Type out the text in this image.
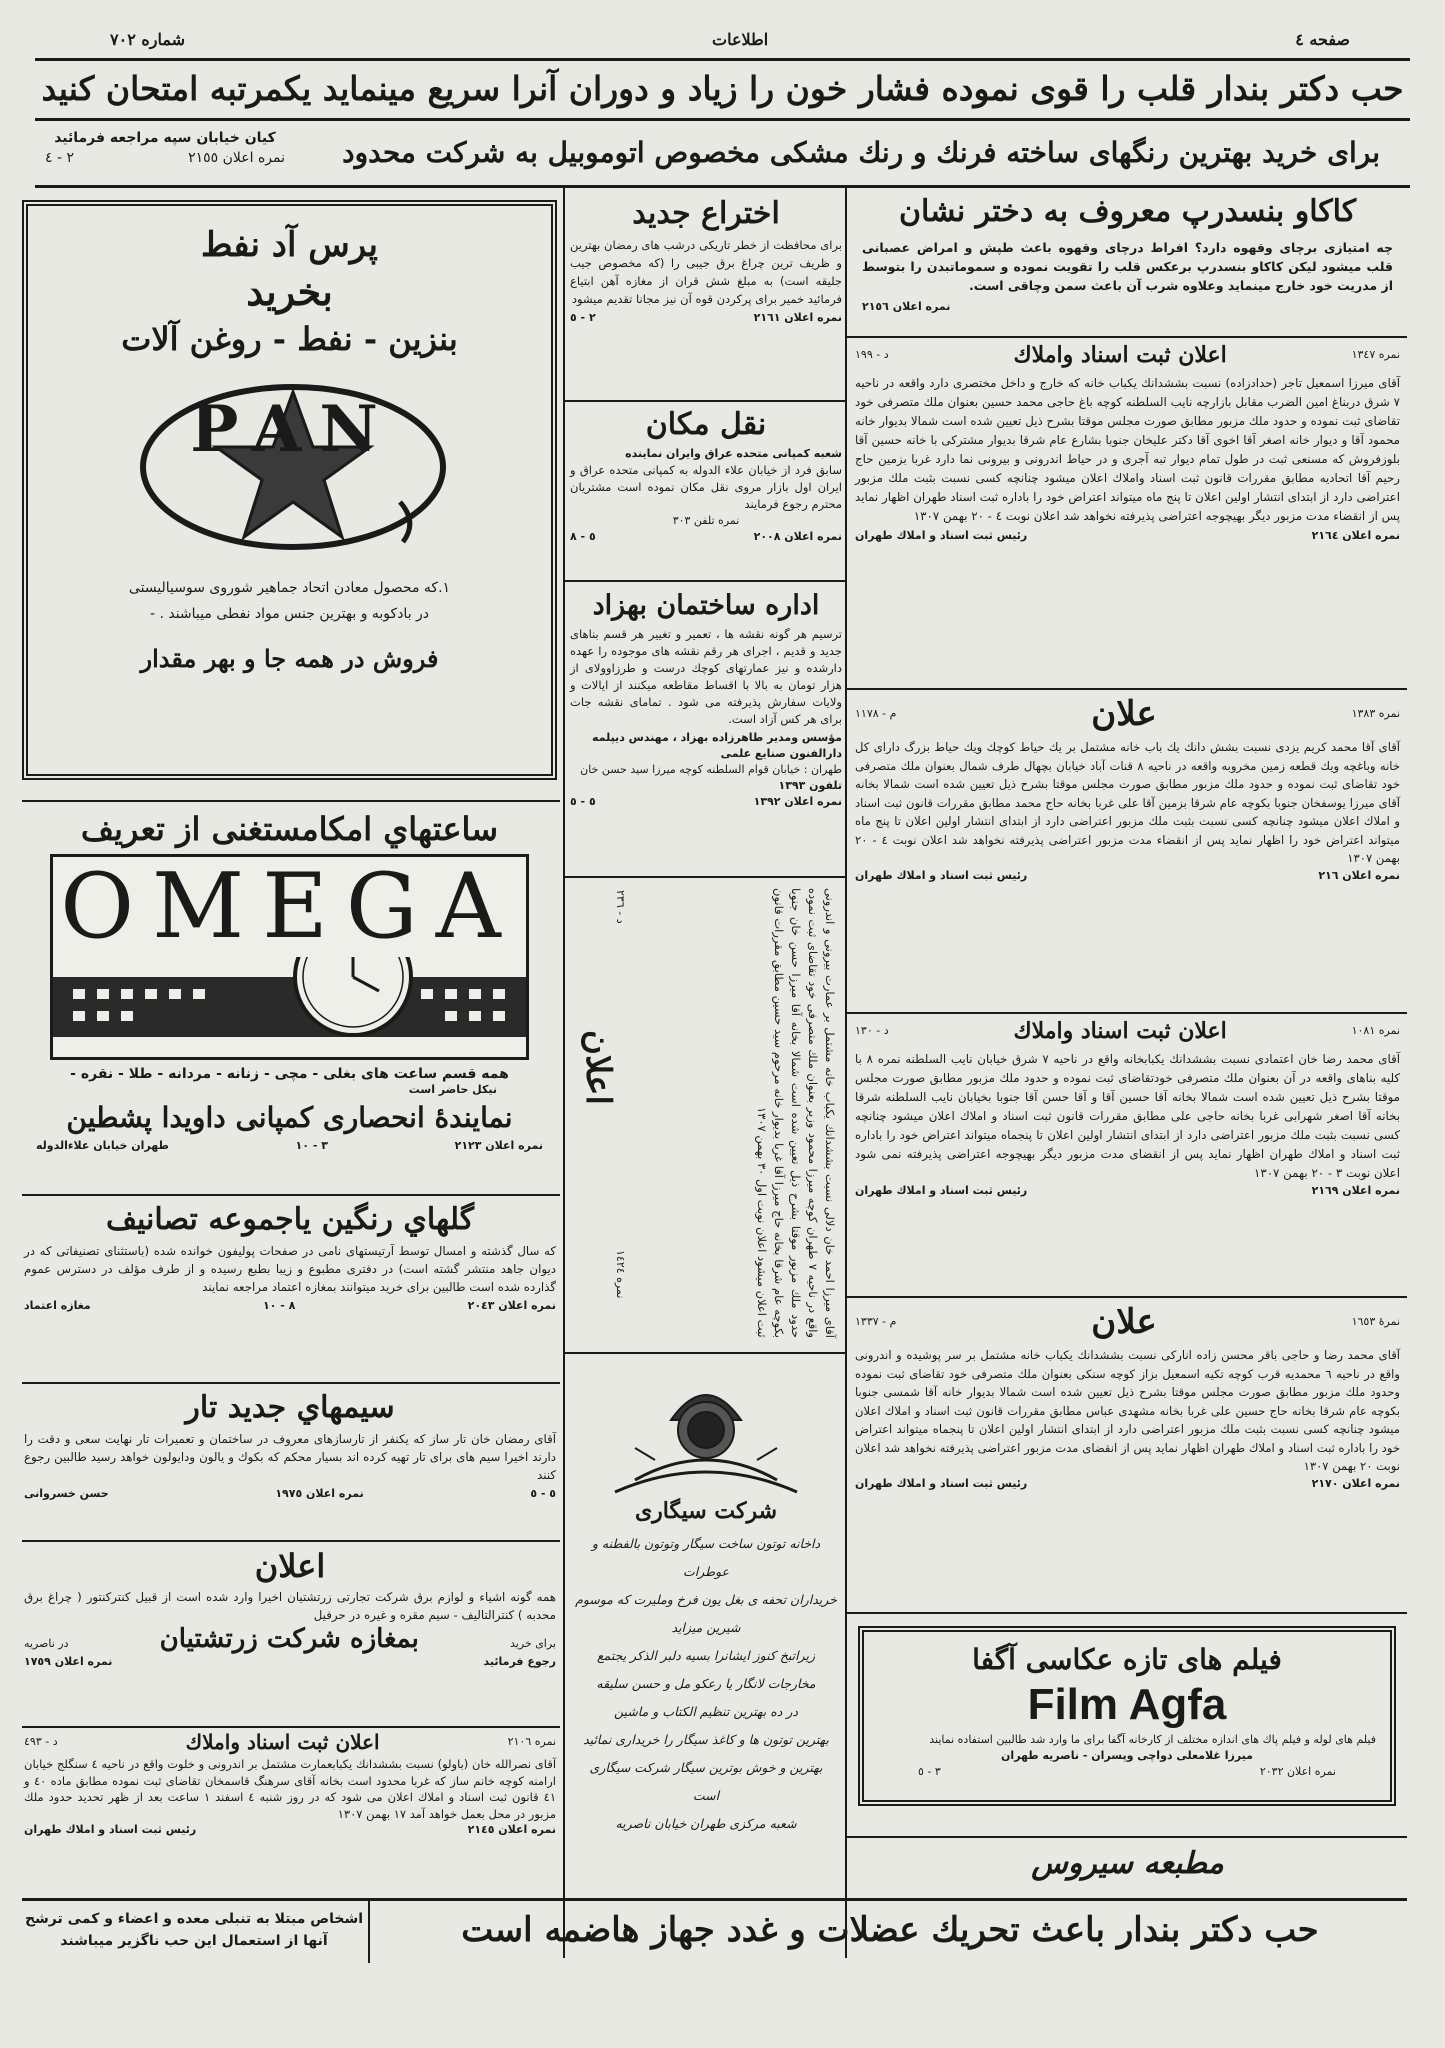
صفحه ٤
اطلاعات
شماره ٧٠٢
حب دكتر بندار قلب را قوى نموده فشار خون را زياد و دوران آنرا سريع مينمايد يكمرتبه امتحان كنيد
براى خريد بهترين رنگهاى ساخته فرنك و رنك مشكى مخصوص اتوموبيل به شركت محدود
كيان خيابان سپه مراجعه فرمائيد
نمره اعلان ٢١٥٥
٢ - ٤
كاكاو بنسدرپ معروف به دختر نشان
چه امتيازى برچاى وقهوه دارد؟ افراط درچاى وقهوه باعث طپش و امراض عصبانى قلب ميشود ليكن كاكاو بنسدرپ برعكس قلب را تقويت نموده و سموماتبدن را بتوسط از مدريت خود خارج مينمايد وعلاوه شرب آن باعث سمن وچاقى است.
نمره اعلان ٢١٥٦
نمره ١٣٤٧
اعلان ثبت اسناد واملاك
د - ١٩٩
آقاى ميرزا اسمعيل تاجر (حدادزاده) نسبت بششدانك يكباب خانه كه خارج و داخل مختصرى دارد واقعه در ناحيه ٧ شرق دربناغ امين الضرب مقابل بازارچه نايب السلطنه كوچه باغ حاجى محمد حسين بعنوان ملك متصرفى خود تقاضاى ثبت نموده و حدود ملك مزبور مطابق صورت مجلس موقتا بشرح ذيل تعيين شده است شمالا بديوار خانه محمود آقا و ديوار خانه اصغر آقا اخوى آقا دكتر عليخان جنوبا بشارع عام شرقا بديوار مشتركى با خانه حسين آقا بلوزفروش كه مسنعى ثبت در طول تمام ديوار تبه آجرى و در حياط اندرونى و بيرونى نما دارد غربا بزمين حاج رحيم آقا اتحاديه مطابق مقررات قانون ثبت اسناد واملاك اعلان ميشود چنانچه كسى نسبت بثبت ملك مزبور اعتراضى دارد از ابتداى انتشار اولين اعلان تا پنج ماه ميتواند اعتراض خود را باداره ثبت اسناد طهران اظهار نمايد پس از انقضاء مدت مزبور ديگر بهيچوجه اعتراضى پذيرفته نخواهد شد اعلان نوبت ٤ - ٢٠ بهمن ١٣٠٧
نمره اعلان ٢١٦٤
رئيس ثبت اسناد و املاك طهران
نمره ١٣٨٣
علان
م - ١١٧٨
آقاى آقا محمد كريم يزدى نسبت بشش دانك يك باب خانه مشتمل بر يك حياط كوچك ويك حياط بزرگ دارای كل خانه وباغچه ويك قطعه زمين مخروبه واقعه در ناحيه ٨ قنات آباد خيابان بچهال طرف شمال بعنوان ملك متصرفى خود تقاضاى ثبت نموده و حدود ملك مزبور مطابق صورت مجلس موقتا بشرح ذيل تعيين شده است شمالا بخانه آقاى ميرزا يوسفخان جنوبا بكوچه عام شرقا بزمين آقا على غربا بخانه حاج محمد مطابق مقررات قانون ثبت اسناد و املاك اعلان ميشود چنانچه كسى نسبت بثبت ملك مزبور اعتراضى دارد از ابتداى انتشار اولين اعلان تا پنج ماه ميتواند اعتراض خود را اظهار نمايد پس از انقضاء مدت مزبور اعتراضى پذيرفته نخواهد شد اعلان نوبت ٤ - ٢٠ بهمن ١٣٠٧
نمره اعلان ٢١٦
رئيس ثبت اسناد و املاك طهران
نمره ١٠٨١
اعلان ثبت اسناد واملاك
د - ١٣٠
آقاى محمد رضا خان اعتمادى نسبت بششدانك يكبابخانه واقع در ناحيه ٧ شرق خيابان نايب السلطنه نمره ٨ با كليه بناهاى واقعه در آن بعنوان ملك متصرفى خودتقاضاى ثبت نموده و حدود ملك مزبور مطابق صورت مجلس موقتا بشرح ذيل تعيين شده است شمالا بخانه آقا حسين آقا و آقا حسن آقا جنوبا بخيابان نايب السلطنه شرقا بخانه آقا اصغر شهرابى غربا بخانه حاجى علی مطابق مقررات قانون ثبت اسناد و املاك اعلان ميشود چنانچه كسى نسبت بثبت ملك مزبور اعتراضى دارد از ابتداى انتشار اولين اعلان تا پنجماه ميتواند اعتراض خود را باداره ثبت اسناد و املاك طهران اظهار نمايد پس از انقضاى مدت مزبور ديگر بهيچوجه اعتراضى پذيرفته نمى شود اعلان نوبت ٣ - ٢٠ بهمن ١٣٠٧
نمره اعلان ٢١٦٩
رئيس ثبت اسناد و املاك طهران
نمرهٔ ١٦٥٣
علان
م - ١٣٣٧
آقاى محمد رضا و حاجى باقر محسن زاده انارکی نسبت بششدانك يكباب خانه مشتمل بر سر پوشيده و اندرونى واقع در ناحيه ٦ محمديه قرب كوچه تكيه اسمعيل بزاز كوچه سنكى بعنوان ملك متصرفى خود تقاضاى ثبت نموده وحدود ملك مزبور مطابق صورت مجلس موقتا بشرح ذيل تعيين شده است شمالا بديوار خانه آقا شمسى جنوبا بكوچه عام شرقا بخانه حاج حسين على غربا بخانه مشهدى عباس مطابق مقررات قانون ثبت اسناد و املاك اعلان ميشود چنانچه كسى نسبت بثبت ملك مزبور اعتراضى دارد از ابتداى انتشار اولين اعلان تا پنجماه ميتواند اعتراض خود را باداره ثبت اسناد و املاك طهران اظهار نمايد پس از انقضاى مدت مزبور اعتراضى پذيرفته نخواهد شد اعلان نوبت ٢٠ بهمن ١٣٠٧
نمره اعلان ٢١٧٠
رئيس ثبت اسناد و املاك طهران
فيلم هاى تازه عكاسى آگفا
Film Agfa
فيلم هاى لوله و فيلم پاك هاى اندازه مختلف از كارخانه آگفا براى ما وارد شد طالبين استفاده نمايند
ميرزا غلامعلى دواچى وپسران - ناصريه طهران
نمره اعلان ٢٠٣٢
٣ - ٥
مطبعه سيروس
اختراع جديد
براى محافظت از خطر تاريكى درشب هاى رمضان بهترين و ظريف ترين چراغ برق جيبى را (كه مخصوص جيب جليقه است) به مبلغ شش قران از مغازه آهن ابتياع فرمائيد خمير براى پركردن قوه آن نيز مجانا تقديم ميشود
نمره اعلان ٢١٦١
٢ - ٥
نقل مكان
شعبه كمپانى متحده عراق وايران نماينده
سابق فرد از خيابان علاء الدوله به كمپانى متحده عراق و ايران اول بازار مروى نقل مكان نموده است مشتريان محترم رجوع فرمايند
نمره تلفن ٣٠٣
نمره اعلان ٢٠٠٨
٥ - ٨
اداره ساختمان بهزاد
ترسيم هر گونه نقشه ها ، تعمير و تغيير هر قسم بناهاى جديد و قديم ، اجراى هر رقم نقشه هاى موجوده را عهده دارشده و نيز عمارتهاى كوچك درست و طرزاوولاى از هزار تومان به بالا با اقساط مقاطعه ميكنند از ايالات و ولايات سفارش پذيرفته مى شود . تماماى نقشه جات براى هر كس آزاد است.
مؤسس ومدير طاهرزاده بهزاد ، مهندس ديپلمه دارالفنون صنايع علمى
طهران : خيابان قوام السلطنه كوچه ميرزا سيد حسن خان
تلفون ١٣٩٣
نمره اعلان ١٣٩٢
٥ - ٥
آقاى ميرزا احمد خان دلالى نسبت بششدانك يكباب خانه مشتمل بر عمارت بيرونى و اندرونى واقع در ناحيه ٧ طهران كوچه ميرزا محمود وزير بعنوان ملك متصرفى خود تقاضاى ثبت نموده حدود ملك مزبور موقتا بشرح ذيل تعيين شده است شمالا بخانه آقا ميرزا حسن خان جنوبا بكوچه عام شرقا بخانه حاج ميرزا آقا غربا بديوار خانه مرحوم سيد حسين مطابق مقررات قانون ثبت اعلان ميشود اعلان نوبت اول ٣٠ بهمن ١٣٠٧
اعلان
د - ٢٣٦
نمره ١٤٢٤
شركت سيگارى
داخانه توتون ساخت سيگار وتوتون بالفطنه و عوطرات
خريداران تحفه ى بغل يون فرخ ومليرت كه موسوم شيرين ميزايد
زيراتبخ كنوز ايشانرا بسيه دلبر الذكر يجتمع
مخارجات لانگار يا رعكو مل و حسن سليقه
در ده بهترين تنظيم الكتاب و ماشين
بهترين توتون ها و كاغذ سيگار را خريدارى نمائيد
بهترين و خوش بوترين سيگار شركت سيگارى است
شعبه مركزى طهران خيابان ناصريه
پرس آد نفط
بخريد
بنزين - نفط - روغن آلات
PAN
١.كه محصول معادن اتحاد جماهير شوروى سوسياليستى
در بادكوبه و بهترين جنس مواد نفطى ميباشند . -
فروش در همه جا و بهر مقدار
ساعتهاي امكامستغنى از تعريف
OMEGA
همه قسم ساعت هاى بغلى - مچى - زنانه - مردانه - طلا - نقره -
نيكل حاضر است
نمايندهٔ انحصارى كمپانى داويدا پشطين
نمره اعلان ٢١٢٣
٣ - ١٠
طهران خيابان علاءالدوله
گلهاي رنگين ياجموعه تصانيف
كه سال گذشته و امسال توسط آرتيستهاى نامى در صفحات پولیفون خوانده شده (باستثناى تصنيفاتى كه در ديوان جاهد منتشر گشته است) در دفترى مطبوع و زيبا بطبع رسيده و از طرف مؤلف در دسترس عموم گذارده شده است طالبين براى خريد ميتوانند بمغازه اعتماد مراجعه نمايند
نمره اعلان ٢٠٤٣
٨ - ١٠
مغازه اعتماد
سيمهاي جديد تار
آقاى رمضان خان تار ساز كه يكنفر از تارسازهاى معروف در ساختمان و تعميرات تار نهايت سعى و دقت را دارند اخيرا سيم هاى براى تار تهيه كرده اند بسيار محكم كه بكوك و يالون ودايولون خواهد رسيد طالبين رجوع كنند
٥ - ٥
نمره اعلان ١٩٧٥
حسن خسروانى
اعلان
همه گونه اشياء و لوازم برق شركت تجارتى زرتشتيان اخيرا وارد شده است از قبيل كنتركنتور ( چراغ برق محدبه ) كنترالتاليف - سيم مقره و غيره در حرفيل
براى خريد
بمغازه شركت زرتشتيان
در ناصريه
رجوع فرمائيد
نمره اعلان ١٧٥٩
نمره ٢١٠٦
اعلان ثبت اسناد واملاك
د - ٤٩٣
آقاى نصرالله خان (باولو) نسبت بششدانك يكبابعمارت مشتمل بر اندرونى و خلوت واقع در ناحيه ٤ سنگلج خيابان ارامنه كوچه خانم ساز كه غربا محدود است بخانه آقاى سرهنگ قاسمخان تقاضاى ثبت نموده مطابق ماده ٤٠ و ٤١ قانون ثبت اسناد و املاك اعلان مى شود كه در روز شنبه ٤ اسفند ١ ساعت بعد از ظهر تحديد حدود ملك مزبور در محل بعمل خواهد آمد ١٧ بهمن ١٣٠٧
نمره اعلان ٢١٤٥
رئيس ثبت اسناد و املاك طهران
اشخاص مبتلا به تنبلى معده و اعضاء و كمى ترشح
آنها از استعمال اين حب ناگزير ميباشند	حب دكتر بندار باعث تحريك عضلات و غدد جهاز هاضمه است
